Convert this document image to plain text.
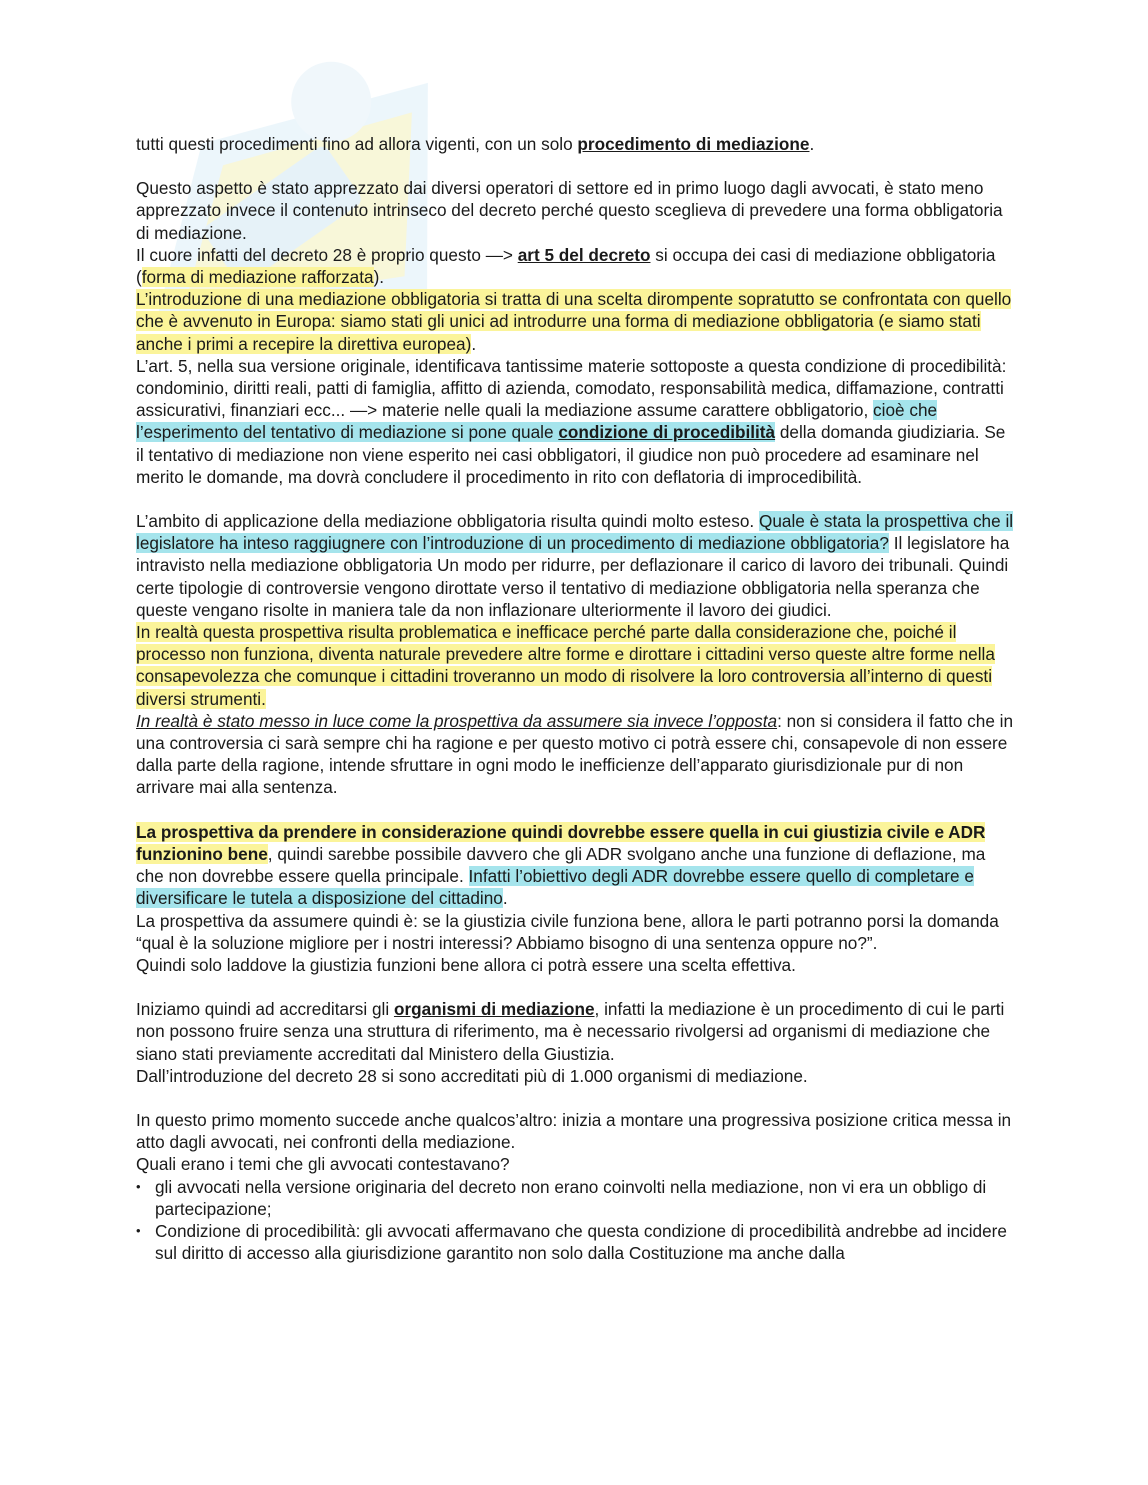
tutti questi procedimenti fino ad allora vigenti, con un solo procedimento di mediazione.

Questo aspetto è stato apprezzato dai diversi operatori di settore ed in primo luogo dagli avvocati, è stato meno apprezzato invece il contenuto intrinseco del decreto perché questo sceglieva di prevedere una forma obbligatoria di mediazione.

Il cuore infatti del decreto 28 è proprio questo —> art 5 del decreto si occupa dei casi di mediazione obbligatoria (forma di mediazione rafforzata).

L’introduzione di una mediazione obbligatoria si tratta di una scelta dirompente sopratutto se confrontata con quello che è avvenuto in Europa: siamo stati gli unici ad introdurre una forma di mediazione obbligatoria (e siamo stati anche i primi a recepire la direttiva europea).

L’art. 5, nella sua versione originale, identificava tantissime materie sottoposte a questa condizione di procedibilità: condominio, diritti reali, patti di famiglia, affitto di azienda, comodato, responsabilità medica, diffamazione, contratti assicurativi, finanziari ecc... —> materie nelle quali la mediazione assume carattere obbligatorio, cioè che l’esperimento del tentativo di mediazione si pone quale condizione di procedibilità della domanda giudiziaria. Se il tentativo di mediazione non viene esperito nei casi obbligatori, il giudice non può procedere ad esaminare nel merito le domande, ma dovrà concludere il procedimento in rito con deflatoria di improcedibilità.

L’ambito di applicazione della mediazione obbligatoria risulta quindi molto esteso. Quale è stata la prospettiva che il legislatore ha inteso raggiugnere con l’introduzione di un procedimento di mediazione obbligatoria? Il legislatore ha intravisto nella mediazione obbligatoria Un modo per ridurre, per deflazionare il carico di lavoro dei tribunali. Quindi certe tipologie di controversie vengono dirottate verso il tentativo di mediazione obbligatoria nella speranza che queste vengano risolte in maniera tale da non inflazionare ulteriormente il lavoro dei giudici.

In realtà questa prospettiva risulta problematica e inefficace perché parte dalla considerazione che, poiché il processo non funziona, diventa naturale prevedere altre forme e dirottare i cittadini verso queste altre forme nella consapevolezza che comunque i cittadini troveranno un modo di risolvere la loro controversia all’interno di questi diversi strumenti.

In realtà è stato messo in luce come la prospettiva da assumere sia invece l’opposta: non si considera il fatto che in una controversia ci sarà sempre chi ha ragione e per questo motivo ci potrà essere chi, consapevole di non essere dalla parte della ragione, intende sfruttare in ogni modo le inefficienze dell’apparato giurisdizionale pur di non arrivare mai alla sentenza.

La prospettiva da prendere in considerazione quindi dovrebbe essere quella in cui giustizia civile e ADR funzionino bene, quindi sarebbe possibile davvero che gli ADR svolgano anche una funzione di deflazione, ma che non dovrebbe essere quella principale. Infatti l’obiettivo degli ADR dovrebbe essere quello di completare e diversificare le tutela a disposizione del cittadino.

La prospettiva da assumere quindi è: se la giustizia civile funziona bene, allora le parti potranno porsi la domanda “qual è la soluzione migliore per i nostri interessi? Abbiamo bisogno di una sentenza oppure no?”.

Quindi solo laddove la giustizia funzioni bene allora ci potrà essere una scelta effettiva.

Iniziamo quindi ad accreditarsi gli organismi di mediazione, infatti la mediazione è un procedimento di cui le parti non possono fruire senza una struttura di riferimento, ma è necessario rivolgersi ad organismi di mediazione che siano stati previamente accreditati dal Ministero della Giustizia.

Dall’introduzione del decreto 28 si sono accreditati più di 1.000 organismi di mediazione.

In questo primo momento succede anche qualcos’altro: inizia a montare una progressiva posizione critica messa in atto dagli avvocati, nei confronti della mediazione.

Quali erano i temi che gli avvocati contestavano?

• gli avvocati nella versione originaria del decreto non erano coinvolti nella mediazione, non vi era un obbligo di partecipazione;
• Condizione di procedibilità: gli avvocati affermavano che questa condizione di procedibilità andrebbe ad incidere sul diritto di accesso alla giurisdizione garantito non solo dalla Costituzione ma anche dalla
